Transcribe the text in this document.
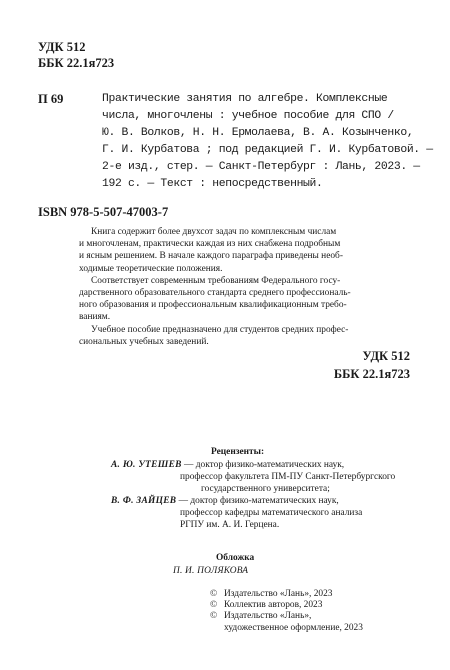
УДК 512
ББК 22.1я723
П 69	Практические занятия по алгебре. Комплексные
числа, многочлены : учебное пособие для СПО /
Ю. В. Волков, Н. Н. Ермолаева, В. А. Козынченко,
Г. И. Курбатова ; под редакцией Г. И. Курбатовой. —
2-е изд., стер. — Санкт-Петербург : Лань, 2023. —
192 с. — Текст : непосредственный.
ISBN 978-5-507-47003-7

Книга содержит более двухсот задач по комплексным числам
и многочленам, практически каждая из них снабжена подробным
и ясным решением. В начале каждого параграфа приведены необ-
ходимые теоретические положения.

Соответствует современным требованиям Федерального госу-
дарственного образовательного стандарта среднего профессиональ-
ного образования и профессиональным квалификационным требо-
ваниям.

Учебное пособие предназначено для студентов средних профес-
сиональных учебных заведений.

УДК 512
ББК 22.1я723
Рецензенты:
А. Ю. УТЕШЕВ — доктор физико-математических наук,
профессор факультета ПМ-ПУ Санкт-Петербургского
государственного университета;
В. Ф. ЗАЙЦЕВ — доктор физико-математических наук,
профессор кафедры математического анализа
РГПУ им. А. И. Герцена.
Обложка
П. И. ПОЛЯКОВА
© Издательство «Лань», 2023
© Коллектив авторов, 2023
© Издательство «Лань»,
художественное оформление, 2023
